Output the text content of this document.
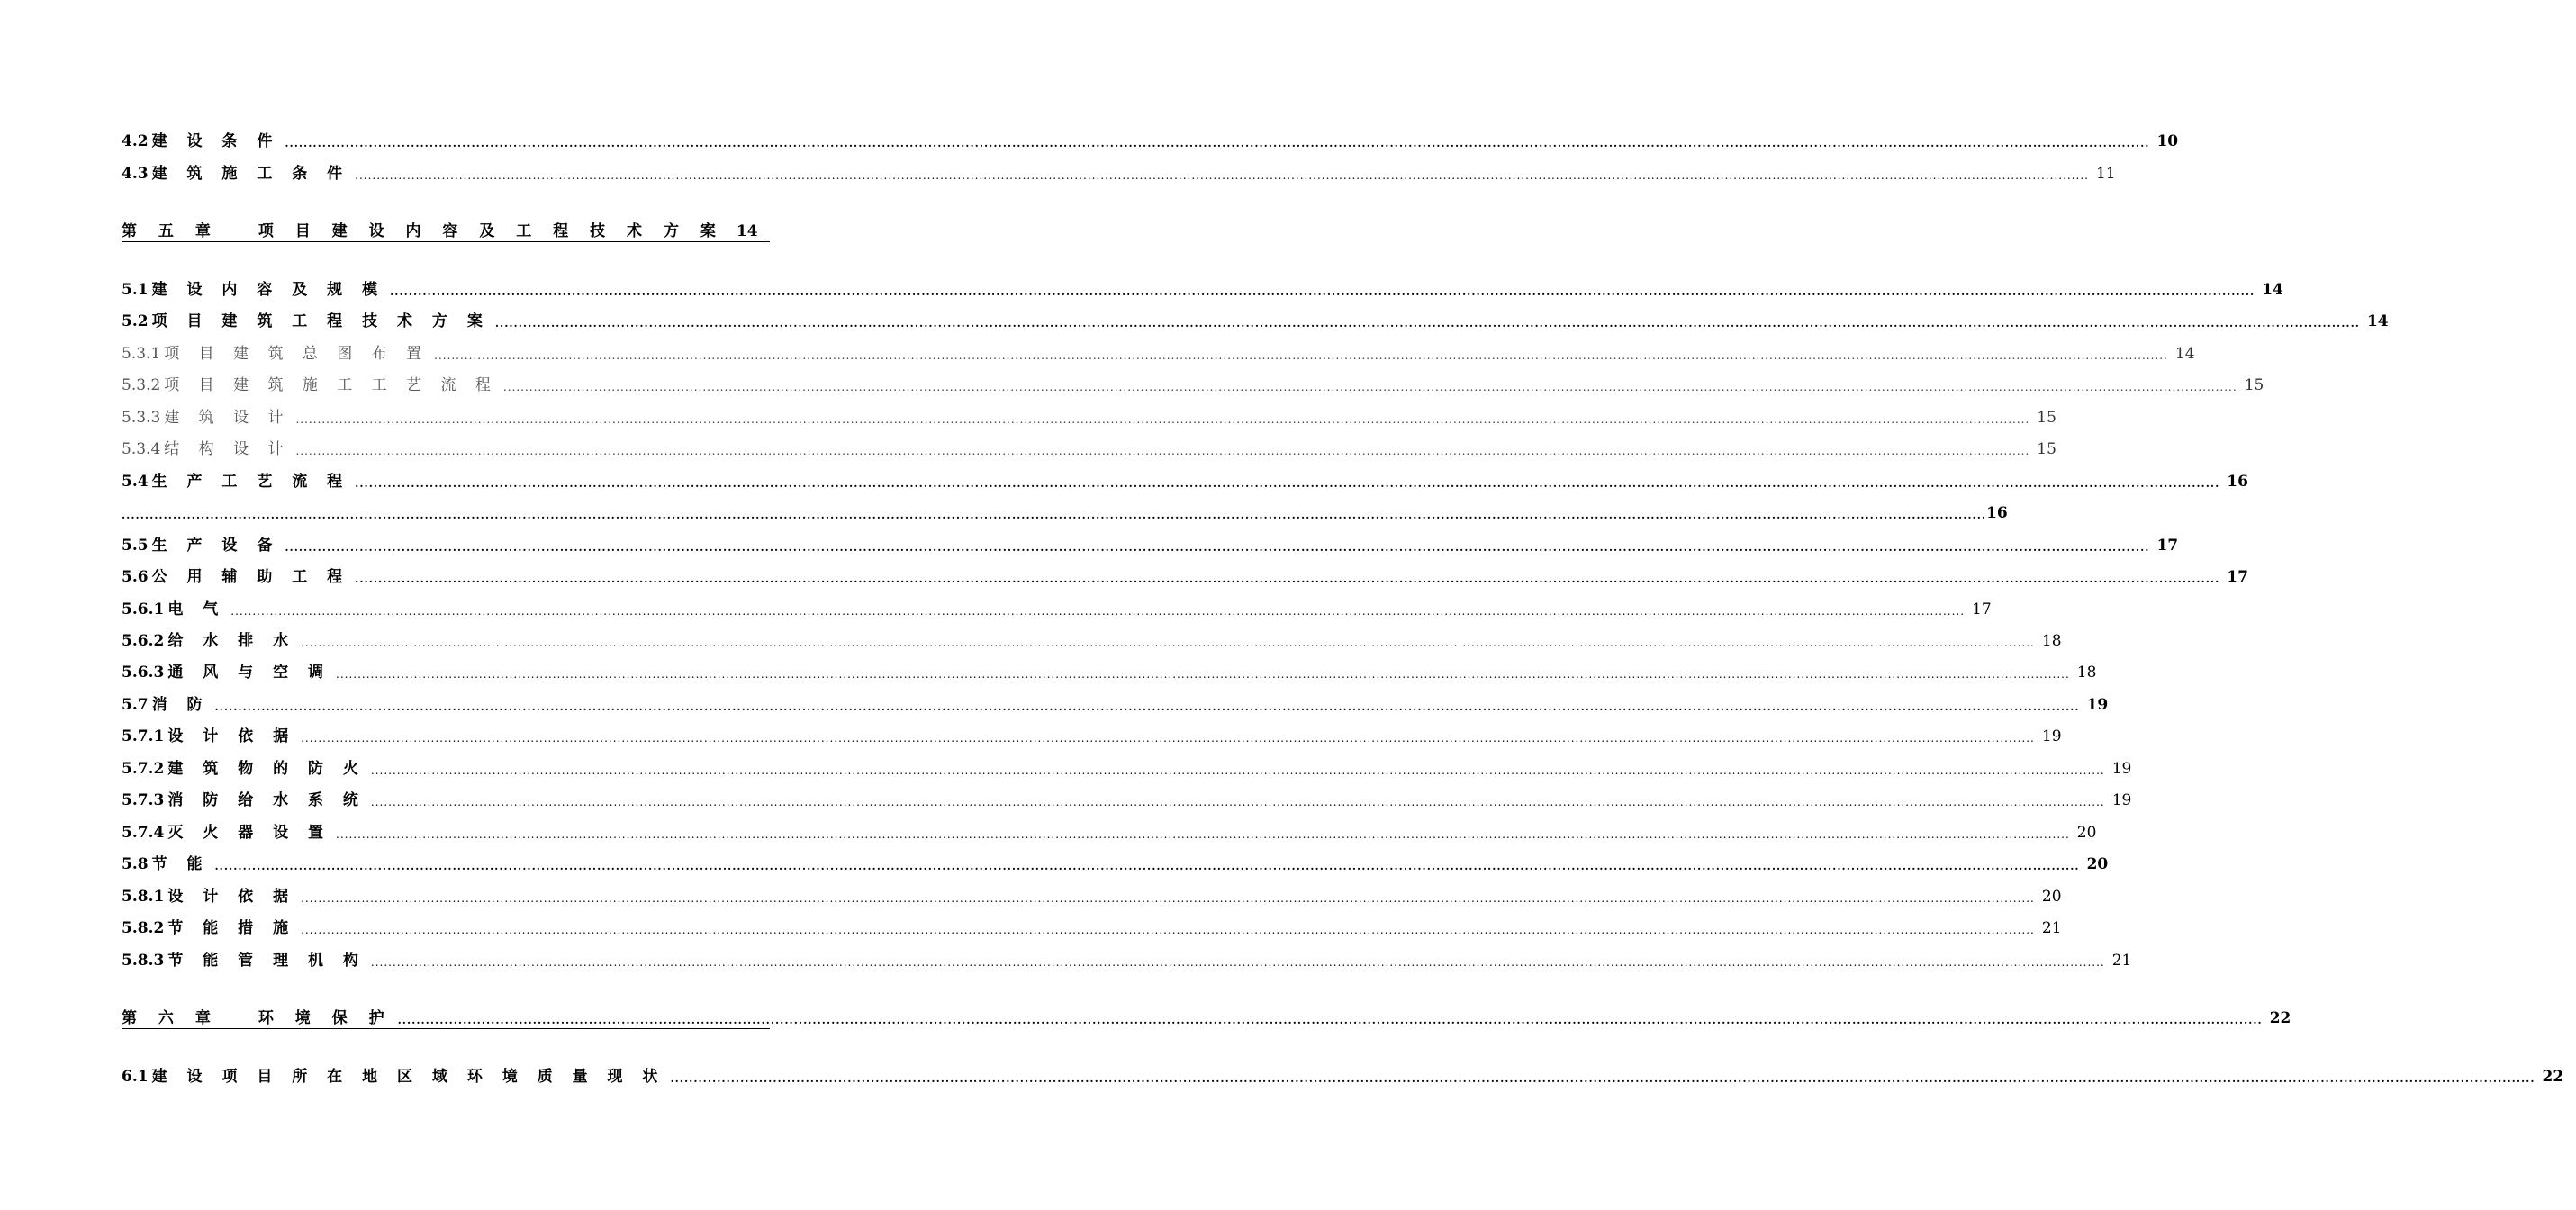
4.2 建 设 条 件 ................................................................................................................................................................................................................................................................................................................................................................................................................ 10
4.3 建 筑 施 工 条 件 ................................................................................................................................................................................................................................................................................................................................................................................................................ 11
第 五 章	项 目 建 设 内 容 及 工 程 技 术 方 案 14
5.1 建 设 内 容 及 规 模 ................................................................................................................................................................................................................................................................................................................................................................................................................ 14
5.2 项 目 建 筑 工 程 技 术 方 案 ................................................................................................................................................................................................................................................................................................................................................................................................................ 14
5.3.1 项 目 建 筑 总 图 布 置 ................................................................................................................................................................................................................................................................................................................................................................................................................ 14
5.3.2 项 目 建 筑 施 工 工 艺 流 程 ................................................................................................................................................................................................................................................................................................................................................................................................................ 15
5.3.3 建 筑 设 计 ................................................................................................................................................................................................................................................................................................................................................................................................................ 15
5.3.4 结 构 设 计 ................................................................................................................................................................................................................................................................................................................................................................................................................ 15
5.4 生 产 工 艺 流 程 ................................................................................................................................................................................................................................................................................................................................................................................................................ 16
................................................................................................................................................................................................................................................................................................................................................................................................................ 16
5.5 生 产 设 备 ................................................................................................................................................................................................................................................................................................................................................................................................................ 17
5.6 公 用 辅 助 工 程 ................................................................................................................................................................................................................................................................................................................................................................................................................ 17
5.6.1 电 气 ................................................................................................................................................................................................................................................................................................................................................................................................................ 17
5.6.2 给 水 排 水 ................................................................................................................................................................................................................................................................................................................................................................................................................ 18
5.6.3 通 风 与 空 调 ................................................................................................................................................................................................................................................................................................................................................................................................................ 18
5.7 消 防 ................................................................................................................................................................................................................................................................................................................................................................................................................ 19
5.7.1 设 计 依 据 ................................................................................................................................................................................................................................................................................................................................................................................................................ 19
5.7.2 建 筑 物 的 防 火 ................................................................................................................................................................................................................................................................................................................................................................................................................ 19
5.7.3 消 防 给 水 系 统 ................................................................................................................................................................................................................................................................................................................................................................................................................ 19
5.7.4 灭 火 器 设 置 ................................................................................................................................................................................................................................................................................................................................................................................................................ 20
5.8 节 能 ................................................................................................................................................................................................................................................................................................................................................................................................................ 20
5.8.1 设 计 依 据 ................................................................................................................................................................................................................................................................................................................................................................................................................ 20
5.8.2 节 能 措 施 ................................................................................................................................................................................................................................................................................................................................................................................................................ 21
5.8.3 节 能 管 理 机 构 ................................................................................................................................................................................................................................................................................................................................................................................................................ 21
第 六 章	环 境 保 护 ................................................................................................................................................................................................................................................................................................................................................................................................................ 22
6.1 建 设 项 目 所 在 地 区 域 环 境 质 量 现 状 ................................................................................................................................................................................................................................................................................................................................................................................................................ 22
